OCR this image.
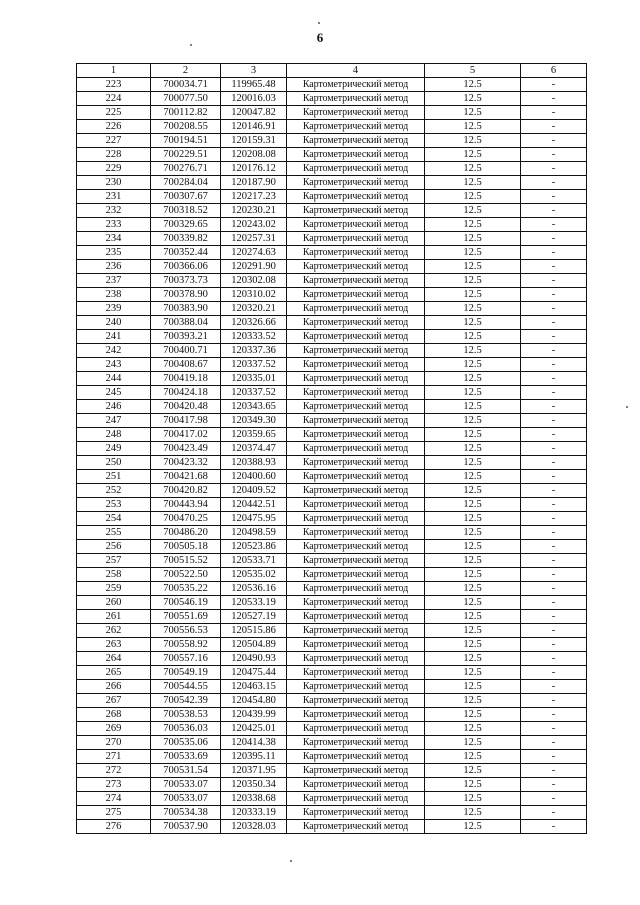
6
1	2	3	4	5	6
223	700034.71	119965.48	Картометрический метод	12.5	-
224	700077.50	120016.03	Картометрический метод	12.5	-
225	700112.82	120047.82	Картометрический метод	12.5	-
226	700208.55	120146.91	Картометрический метод	12.5	-
227	700194.51	120159.31	Картометрический метод	12.5	-
228	700229.51	120208.08	Картометрический метод	12.5	-
229	700276.71	120176.12	Картометрический метод	12.5	-
230	700284.04	120187.90	Картометрический метод	12.5	-
231	700307.67	120217.23	Картометрический метод	12.5	-
232	700318.52	120230.21	Картометрический метод	12.5	-
233	700329.65	120243.02	Картометрический метод	12.5	-
234	700339.82	120257.31	Картометрический метод	12.5	-
235	700352.44	120274.63	Картометрический метод	12.5	-
236	700366.06	120291.90	Картометрический метод	12.5	-
237	700373.73	120302.08	Картометрический метод	12.5	-
238	700378.90	120310.02	Картометрический метод	12.5	-
239	700383.90	120320.21	Картометрический метод	12.5	-
240	700388.04	120326.66	Картометрический метод	12.5	-
241	700393.21	120333.52	Картометрический метод	12.5	-
242	700400.71	120337.36	Картометрический метод	12.5	-
243	700408.67	120337.52	Картометрический метод	12.5	-
244	700419.18	120335.01	Картометрический метод	12.5	-
245	700424.18	120337.52	Картометрический метод	12.5	-
246	700420.48	120343.65	Картометрический метод	12.5	-
247	700417.98	120349.30	Картометрический метод	12.5	-
248	700417.02	120359.65	Картометрический метод	12.5	-
249	700423.49	120374.47	Картометрический метод	12.5	-
250	700423.32	120388.93	Картометрический метод	12.5	-
251	700421.68	120400.60	Картометрический метод	12.5	-
252	700420.82	120409.52	Картометрический метод	12.5	-
253	700443.94	120442.51	Картометрический метод	12.5	-
254	700470.25	120475.95	Картометрический метод	12.5	-
255	700486.20	120498.59	Картометрический метод	12.5	-
256	700505.18	120523.86	Картометрический метод	12.5	-
257	700515.52	120533.71	Картометрический метод	12.5	-
258	700522.50	120535.02	Картометрический метод	12.5	-
259	700535.22	120536.16	Картометрический метод	12.5	-
260	700546.19	120533.19	Картометрический метод	12.5	-
261	700551.69	120527.19	Картометрический метод	12.5	-
262	700556.53	120515.86	Картометрический метод	12.5	-
263	700558.92	120504.89	Картометрический метод	12.5	-
264	700557.16	120490.93	Картометрический метод	12.5	-
265	700549.19	120475.44	Картометрический метод	12.5	-
266	700544.55	120463.15	Картометрический метод	12.5	-
267	700542.39	120454.80	Картометрический метод	12.5	-
268	700538.53	120439.99	Картометрический метод	12.5	-
269	700536.03	120425.01	Картометрический метод	12.5	-
270	700535.06	120414.38	Картометрический метод	12.5	-
271	700533.69	120395.11	Картометрический метод	12.5	-
272	700531.54	120371.95	Картометрический метод	12.5	-
273	700533.07	120350.34	Картометрический метод	12.5	-
274	700533.07	120338.68	Картометрический метод	12.5	-
275	700534.38	120333.19	Картометрический метод	12.5	-
276	700537.90	120328.03	Картометрический метод	12.5	-
